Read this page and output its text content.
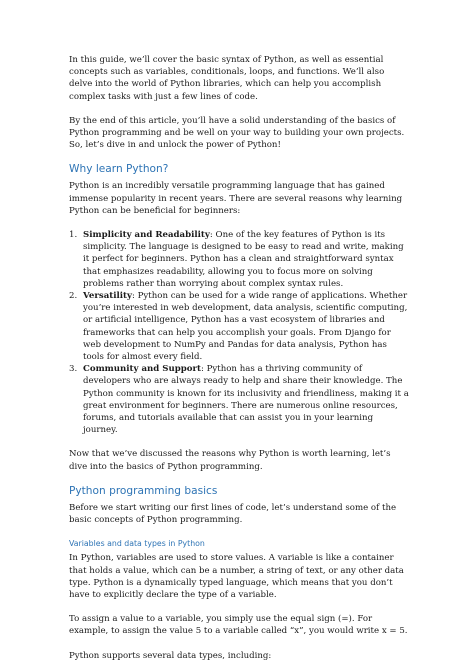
In this guide, we’ll cover the basic syntax of Python, as well as essential concepts such as variables, conditionals, loops, and functions. We’ll also delve into the world of Python libraries, which can help you accomplish complex tasks with just a few lines of code.

By the end of this article, you’ll have a solid understanding of the basics of Python programming and be well on your way to building your own projects. So, let’s dive in and unlock the power of Python!

Why learn Python?

Python is an incredibly versatile programming language that has gained immense popularity in recent years. There are several reasons why learning Python can be beneficial for beginners:

1. Simplicity and Readability: One of the key features of Python is its simplicity. The language is designed to be easy to read and write, making it perfect for beginners. Python has a clean and straightforward syntax that emphasizes readability, allowing you to focus more on solving problems rather than worrying about complex syntax rules.
2. Versatility: Python can be used for a wide range of applications. Whether you’re interested in web development, data analysis, scientific computing, or artificial intelligence, Python has a vast ecosystem of libraries and frameworks that can help you accomplish your goals. From Django for web development to NumPy and Pandas for data analysis, Python has tools for almost every field.
3. Community and Support: Python has a thriving community of developers who are always ready to help and share their knowledge. The Python community is known for its inclusivity and friendliness, making it a great environment for beginners. There are numerous online resources, forums, and tutorials available that can assist you in your learning journey.

Now that we’ve discussed the reasons why Python is worth learning, let’s dive into the basics of Python programming.

Python programming basics

Before we start writing our first lines of code, let’s understand some of the basic concepts of Python programming.

Variables and data types in Python

In Python, variables are used to store values. A variable is like a container that holds a value, which can be a number, a string of text, or any other data type. Python is a dynamically typed language, which means that you don’t have to explicitly declare the type of a variable.

To assign a value to a variable, you simply use the equal sign (=). For example, to assign the value 5 to a variable called “x”, you would write x = 5.

Python supports several data types, including:
